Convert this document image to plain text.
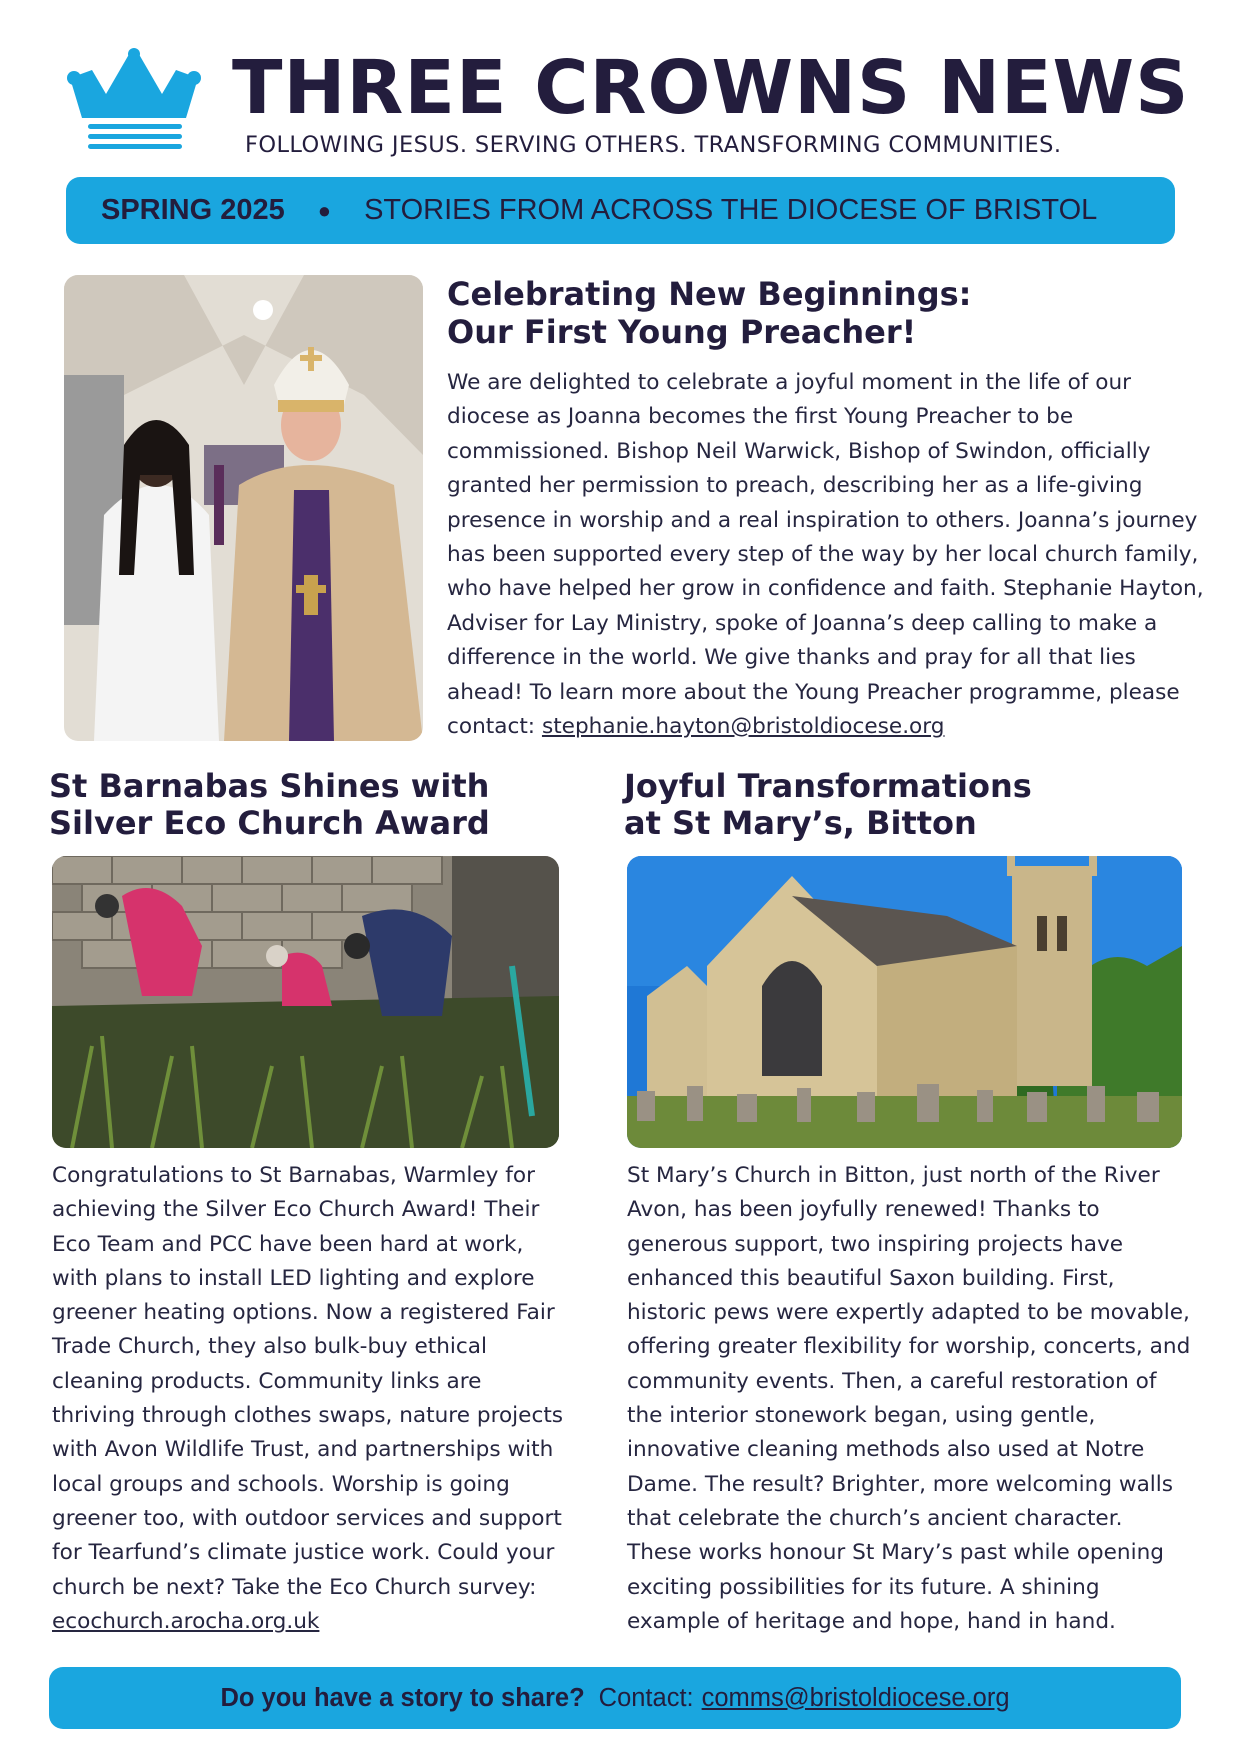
THREE CROWNS NEWS

FOLLOWING JESUS. SERVING OTHERS. TRANSFORMING COMMUNITIES.

SPRING 2025 ● STORIES FROM ACROSS THE DIOCESE OF BRISTOL
Celebrating New Beginnings:
Our First Young Preacher!
We are delighted to celebrate a joyful moment in the life of our
diocese as Joanna becomes the first Young Preacher to be
commissioned. Bishop Neil Warwick, Bishop of Swindon, officially
granted her permission to preach, describing her as a life-giving
presence in worship and a real inspiration to others. Joanna’s journey
has been supported every step of the way by her local church family,
who have helped her grow in confidence and faith. Stephanie Hayton,
Adviser for Lay Ministry, spoke of Joanna’s deep calling to make a
difference in the world. We give thanks and pray for all that lies
ahead! To learn more about the Young Preacher programme, please
contact: stephanie.hayton@bristoldiocese.org
St Barnabas Shines with
Silver Eco Church Award
Congratulations to St Barnabas, Warmley for
achieving the Silver Eco Church Award! Their
Eco Team and PCC have been hard at work,
with plans to install LED lighting and explore
greener heating options. Now a registered Fair
Trade Church, they also bulk-buy ethical
cleaning products. Community links are
thriving through clothes swaps, nature projects
with Avon Wildlife Trust, and partnerships with
local groups and schools. Worship is going
greener too, with outdoor services and support
for Tearfund’s climate justice work. Could your
church be next? Take the Eco Church survey:
ecochurch.arocha.org.uk
Joyful Transformations
at St Mary’s, Bitton
St Mary’s Church in Bitton, just north of the River
Avon, has been joyfully renewed! Thanks to
generous support, two inspiring projects have
enhanced this beautiful Saxon building. First,
historic pews were expertly adapted to be movable,
offering greater flexibility for worship, concerts, and
community events. Then, a careful restoration of
the interior stonework began, using gentle,
innovative cleaning methods also used at Notre
Dame. The result? Brighter, more welcoming walls
that celebrate the church’s ancient character.
These works honour St Mary’s past while opening
exciting possibilities for its future. A shining
example of heritage and hope, hand in hand.
Do you have a story to share? Contact: comms@bristoldiocese.org
